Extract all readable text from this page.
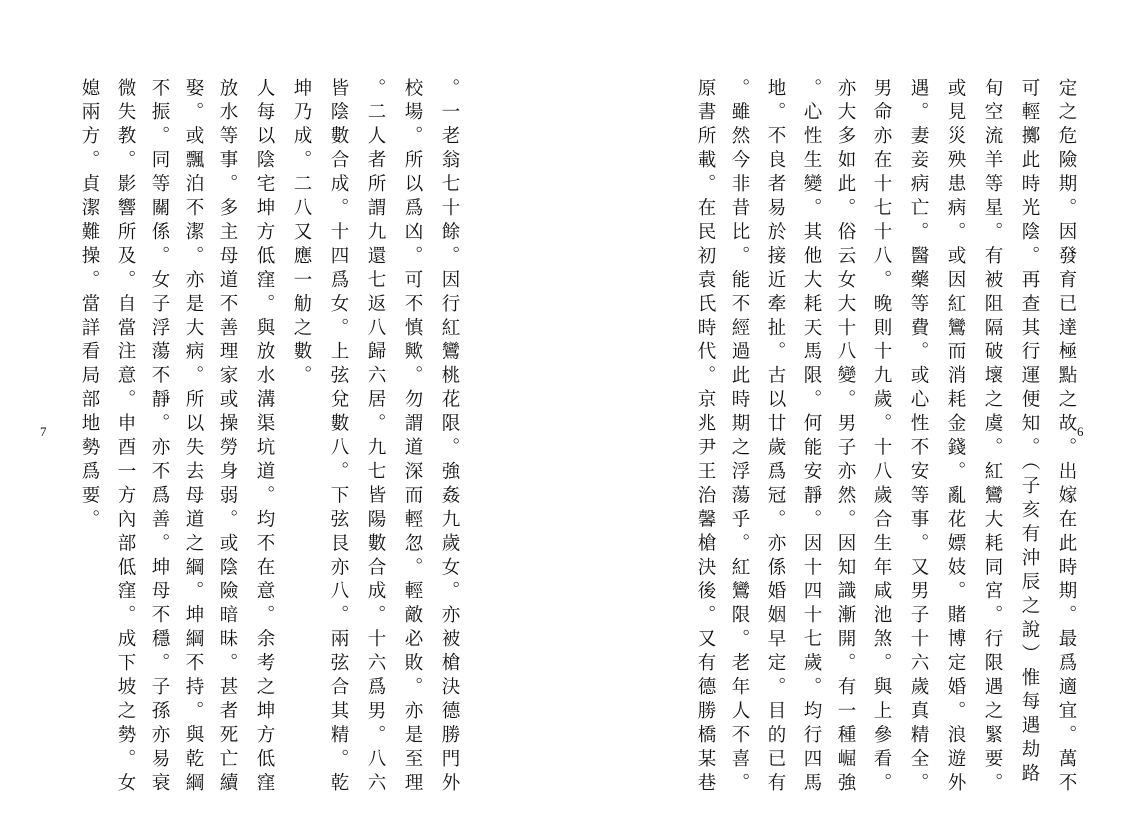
。一老翁七十餘。因行紅鸞桃花限。強姦九歲女。亦被槍決德勝門外
校場。所以爲凶。可不慎歟。勿謂道深而輕忽。輕敵必敗。亦是至理
。二人者所謂九還七返八歸六居。九七皆陽數合成。十六爲男。八六
皆陰數合成。十四爲女。上弦兌數八。下弦艮亦八。兩弦合其精。乾
坤乃成。二八又應一觔之數。
人每以陰宅坤方低窪。與放水溝渠坑道。均不在意。余考之坤方低窪
放水等事。多主母道不善理家或操勞身弱。或陰險暗昧。甚者死亡續
娶。或飄泊不潔。亦是大病。所以失去母道之綱。坤綱不持。與乾綱
不振。同等關係。女子浮蕩不靜。亦不爲善。坤母不穩。子孫亦易衰
微失教。影響所及。自當注意。申酉一方內部低窪。成下坡之勢。女
媳兩方。貞潔難操。當詳看局部地勢爲要。
7	定之危險期。因發育已達極點之故。出嫁在此時期。最爲適宜。萬不
可輕擲此時光陰。再查其行運便知。（子亥有沖辰之說）惟每遇劫路
旬空流羊等星。有被阻隔破壞之虞。紅鸞大耗同宮。行限遇之緊要。
或見災殃患病。或因紅鸞而消耗金錢。亂花嫖妓。賭博定婚。浪遊外
遇。妻妾病亡。醫藥等費。或心性不安等事。又男子十六歲真精全。
男命亦在十七十八。晚則十九歲。十八歲合生年咸池煞。與上參看。
亦大多如此。俗云女大十八變。男子亦然。因知識漸開。有一種崛強
。心性生變。其他大耗天馬限。何能安靜。因十四十七歲。均行四馬
地。不良者易於接近牽扯。古以廿歲爲冠。亦係婚姻早定。目的已有
。雖然今非昔比。能不經過此時期之浮蕩乎。紅鸞限。老年人不喜。
原書所載。在民初袁氏時代。京兆尹王治馨槍決後。又有德勝橋某巷	6
